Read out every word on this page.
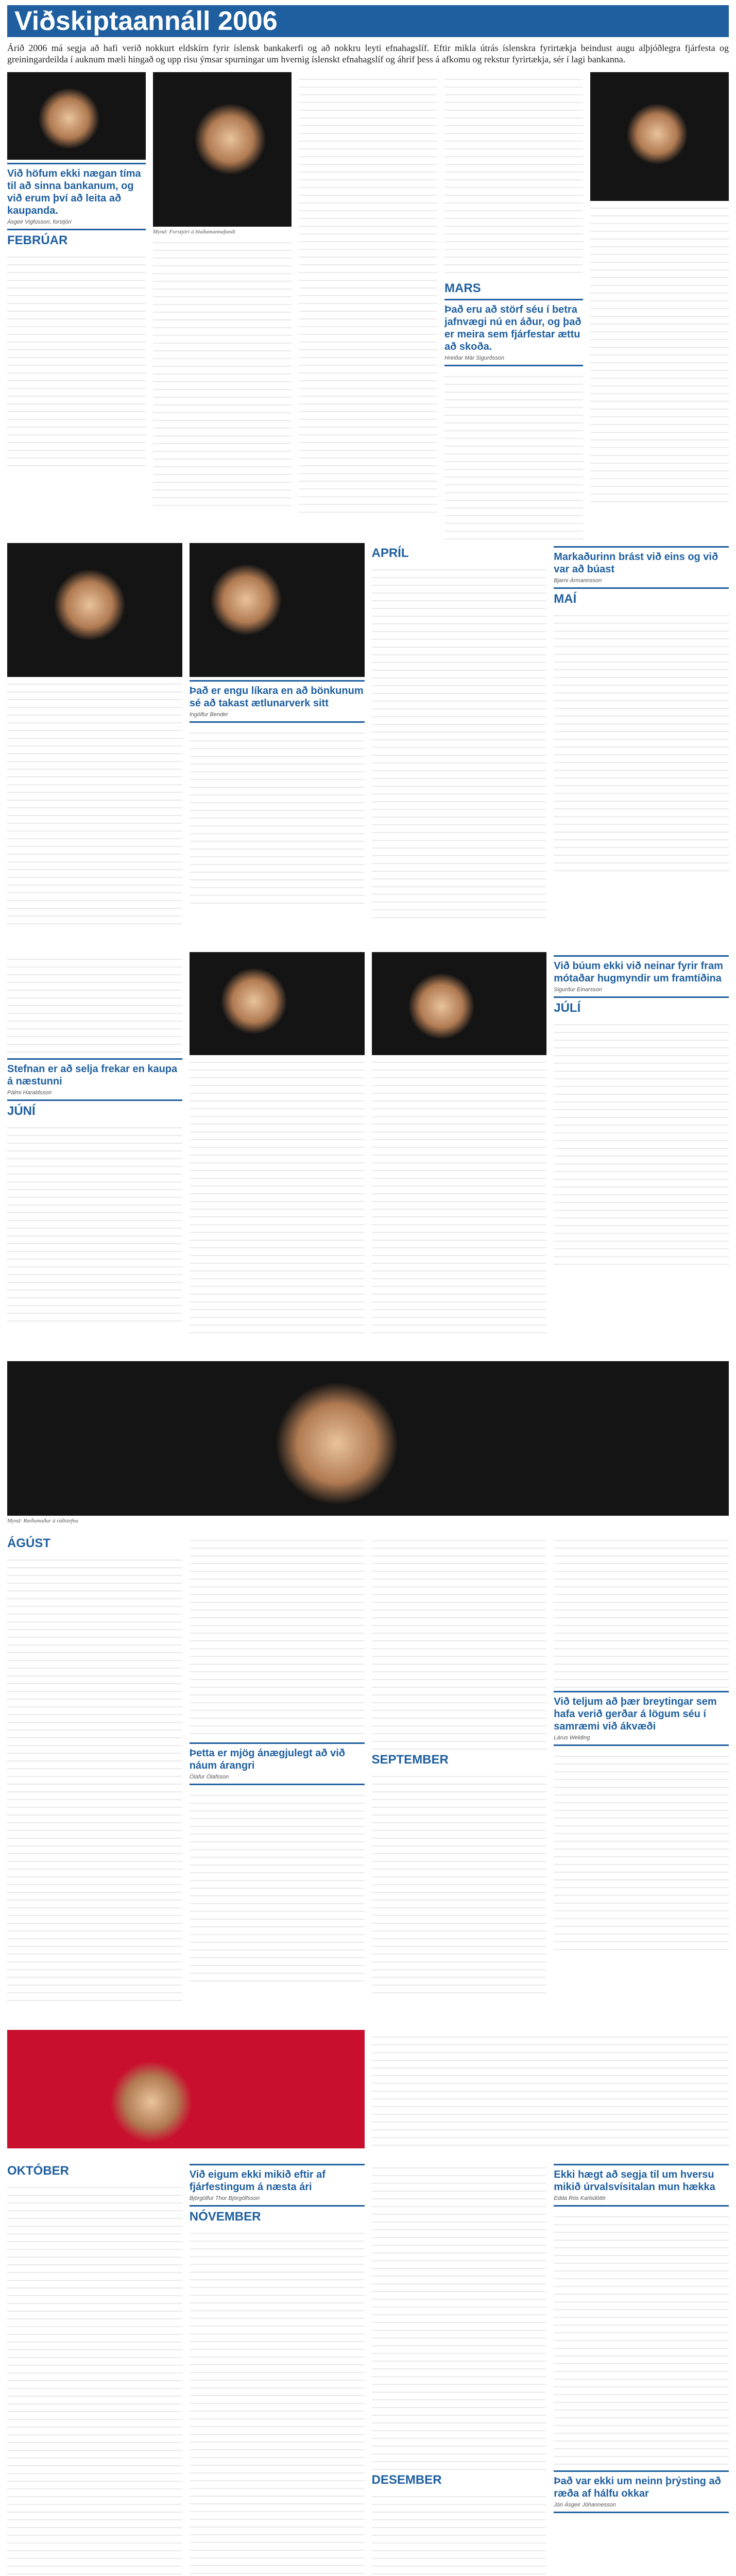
Viðskiptaannáll 2006
Árið 2006 má segja að hafi verið nokkurt eldskírn fyrir íslensk bankakerfi og að nokkru leyti efnahagslíf. Eftir mikla útrás íslenskra fyrirtækja beindust augu alþjóðlegra fjárfesta og greiningardeilda í auknum mæli hingað og upp risu ýmsar spurningar um hvernig íslenskt efnahagslíf og áhrif þess á afkomu og rekstur fyrirtækja, sér í lagi bankanna.
Við höfum ekki nægan tíma til að sinna bankanum, og við erum því að leita að kaupanda.
Ásgeir Vigfússon, forstjóri
FEBRÚAR
Mynd: Forstjóri á blaðamannafundi
MARS
Það eru að störf séu í betra jafnvægi nú en áður, og það er meira sem fjárfestar ættu að skoða.
Hreiðar Már Sigurðsson
Það er engu líkara en að bönkunum sé að takast ætlunarverk sitt
Ingólfur Bender
APRÍL	Markaðurinn brást við eins og við var að búast
Bjarni Ármannsson
MAÍ
Stefnan er að selja frekar en kaupa á næstunni
Pálmi Haraldsson
JÚNÍ
Við búum ekki við neinar fyrir fram mótaðar hugmyndir um framtíðina
Sigurður Einarsson
JÚLÍ
Mynd: Ræðumaður á ráðstefnu
ÁGÚST
Þetta er mjög ánægjulegt að við náum árangri
Ólafur Ólafsson
SEPTEMBER
Við teljum að þær breytingar sem hafa verið gerðar á lögum séu í samræmi við ákvæði
Lárus Welding
OKTÓBER	Við eigum ekki mikið eftir af fjárfestingum á næsta ári
Björgólfur Thor Björgólfsson
NÓVEMBER
DESEMBER
Ekki hægt að segja til um hversu mikið úrvalsvísitalan mun hækka
Edda Rós Karlsdóttir
Það var ekki um neinn þrýsting að ræða af hálfu okkar
Jón Ásgeir Jóhannesson
